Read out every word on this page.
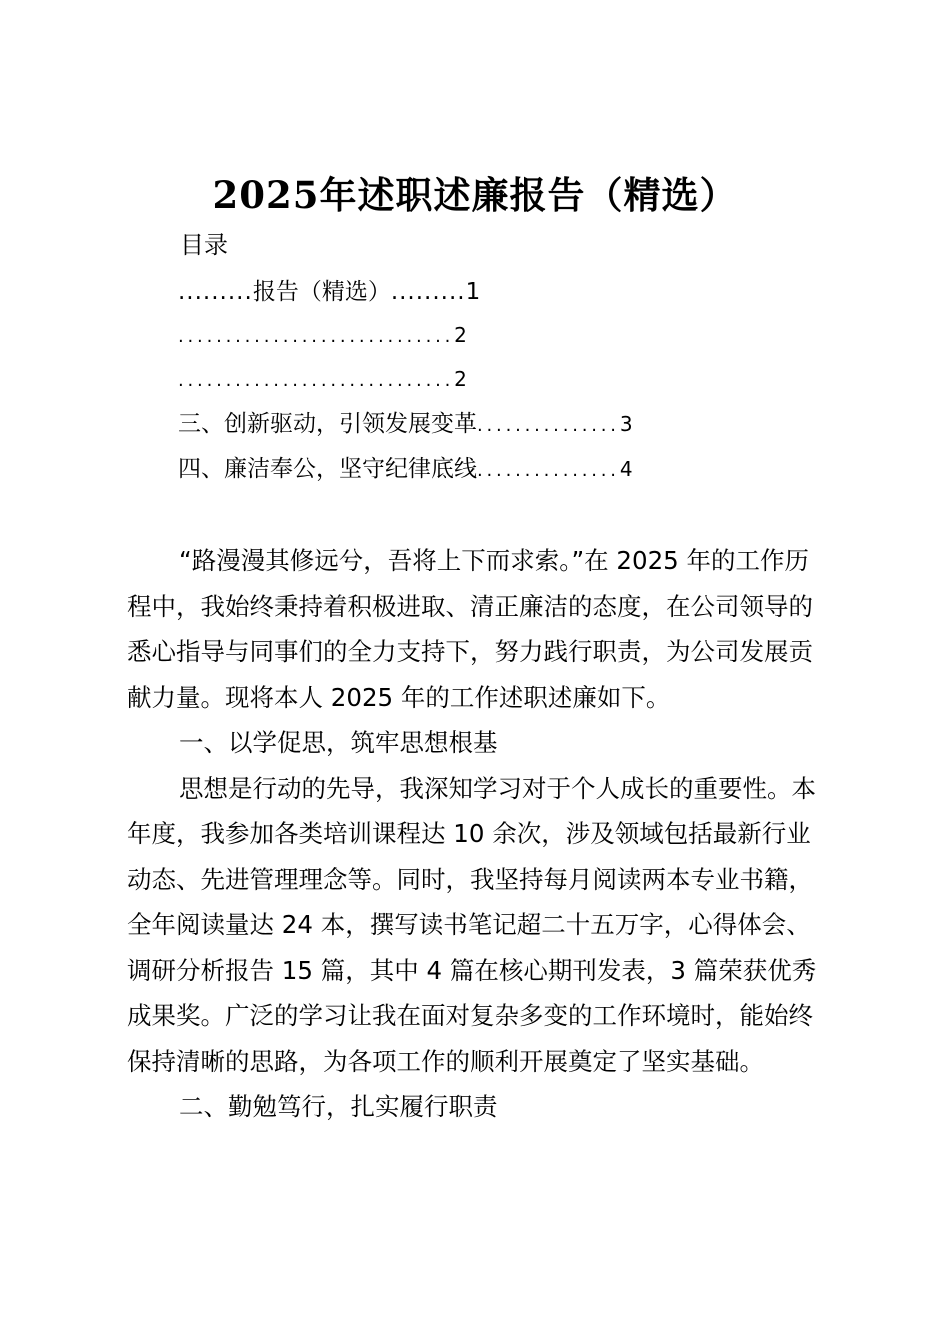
2025年述职述廉报告（精选）
目录
.........报告（精选）.........1
.............................2
.............................2
三、创新驱动，引领发展变革...............3
四、廉洁奉公，坚守纪律底线...............4

“路漫漫其修远兮，吾将上下而求索。”在 2025 年的工作历程中，我始终秉持着积极进取、清正廉洁的态度，在公司领导的悉心指导与同事们的全力支持下，努力践行职责，为公司发展贡献力量。现将本人 2025 年的工作述职述廉如下。

一、以学促思，筑牢思想根基

思想是行动的先导，我深知学习对于个人成长的重要性。本年度，我参加各类培训课程达 10 余次，涉及领域包括最新行业动态、先进管理理念等。同时，我坚持每月阅读两本专业书籍，全年阅读量达 24 本，撰写读书笔记超二十五万字，心得体会、调研分析报告 15 篇，其中 4 篇在核心期刊发表，3 篇荣获优秀成果奖。广泛的学习让我在面对复杂多变的工作环境时，能始终保持清晰的思路，为各项工作的顺利开展奠定了坚实基础。

二、勤勉笃行，扎实履行职责
